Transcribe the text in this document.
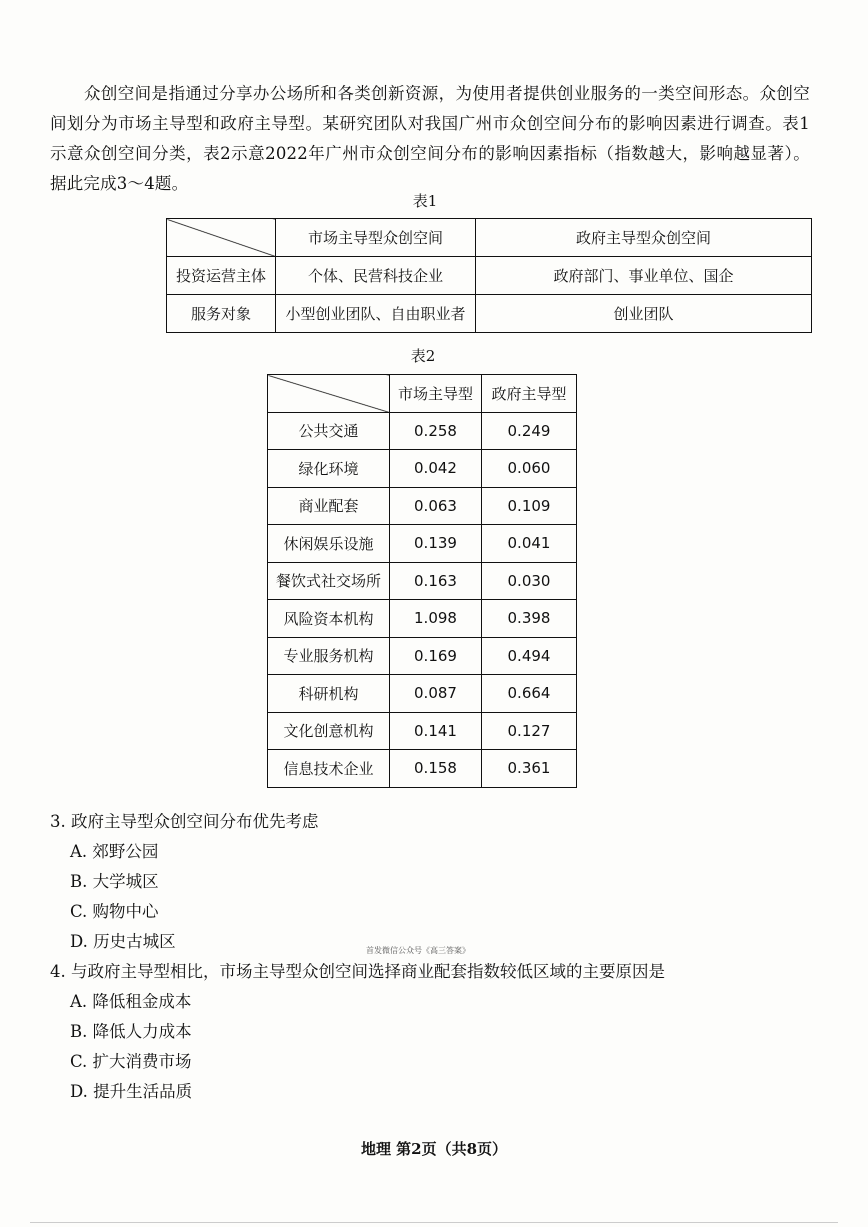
众创空间是指通过分享办公场所和各类创新资源，为使用者提供创业服务的一类空间形态。众创空间划分为市场主导型和政府主导型。某研究团队对我国广州市众创空间分布的影响因素进行调查。表1示意众创空间分类，表2示意2022年广州市众创空间分布的影响因素指标（指数越大，影响越显著）。据此完成3～4题。

表1
	市场主导型众创空间	政府主导型众创空间
投资运营主体	个体、民营科技企业	政府部门、事业单位、国企
服务对象	小型创业团队、自由职业者	创业团队
表2
	市场主导型	政府主导型
公共交通	0.258	0.249
绿化环境	0.042	0.060
商业配套	0.063	0.109
休闲娱乐设施	0.139	0.041
餐饮式社交场所	0.163	0.030
风险资本机构	1.098	0.398
专业服务机构	0.169	0.494
科研机构	0.087	0.664
文化创意机构	0.141	0.127
信息技术企业	0.158	0.361
3. 政府主导型众创空间分布优先考虑
A. 郊野公园
B. 大学城区
C. 购物中心
D. 历史古城区	首发微信公众号《高三答案》
4. 与政府主导型相比，市场主导型众创空间选择商业配套指数较低区域的主要原因是
A. 降低租金成本
B. 降低人力成本
C. 扩大消费市场
D. 提升生活品质
地理 第2页（共8页）
